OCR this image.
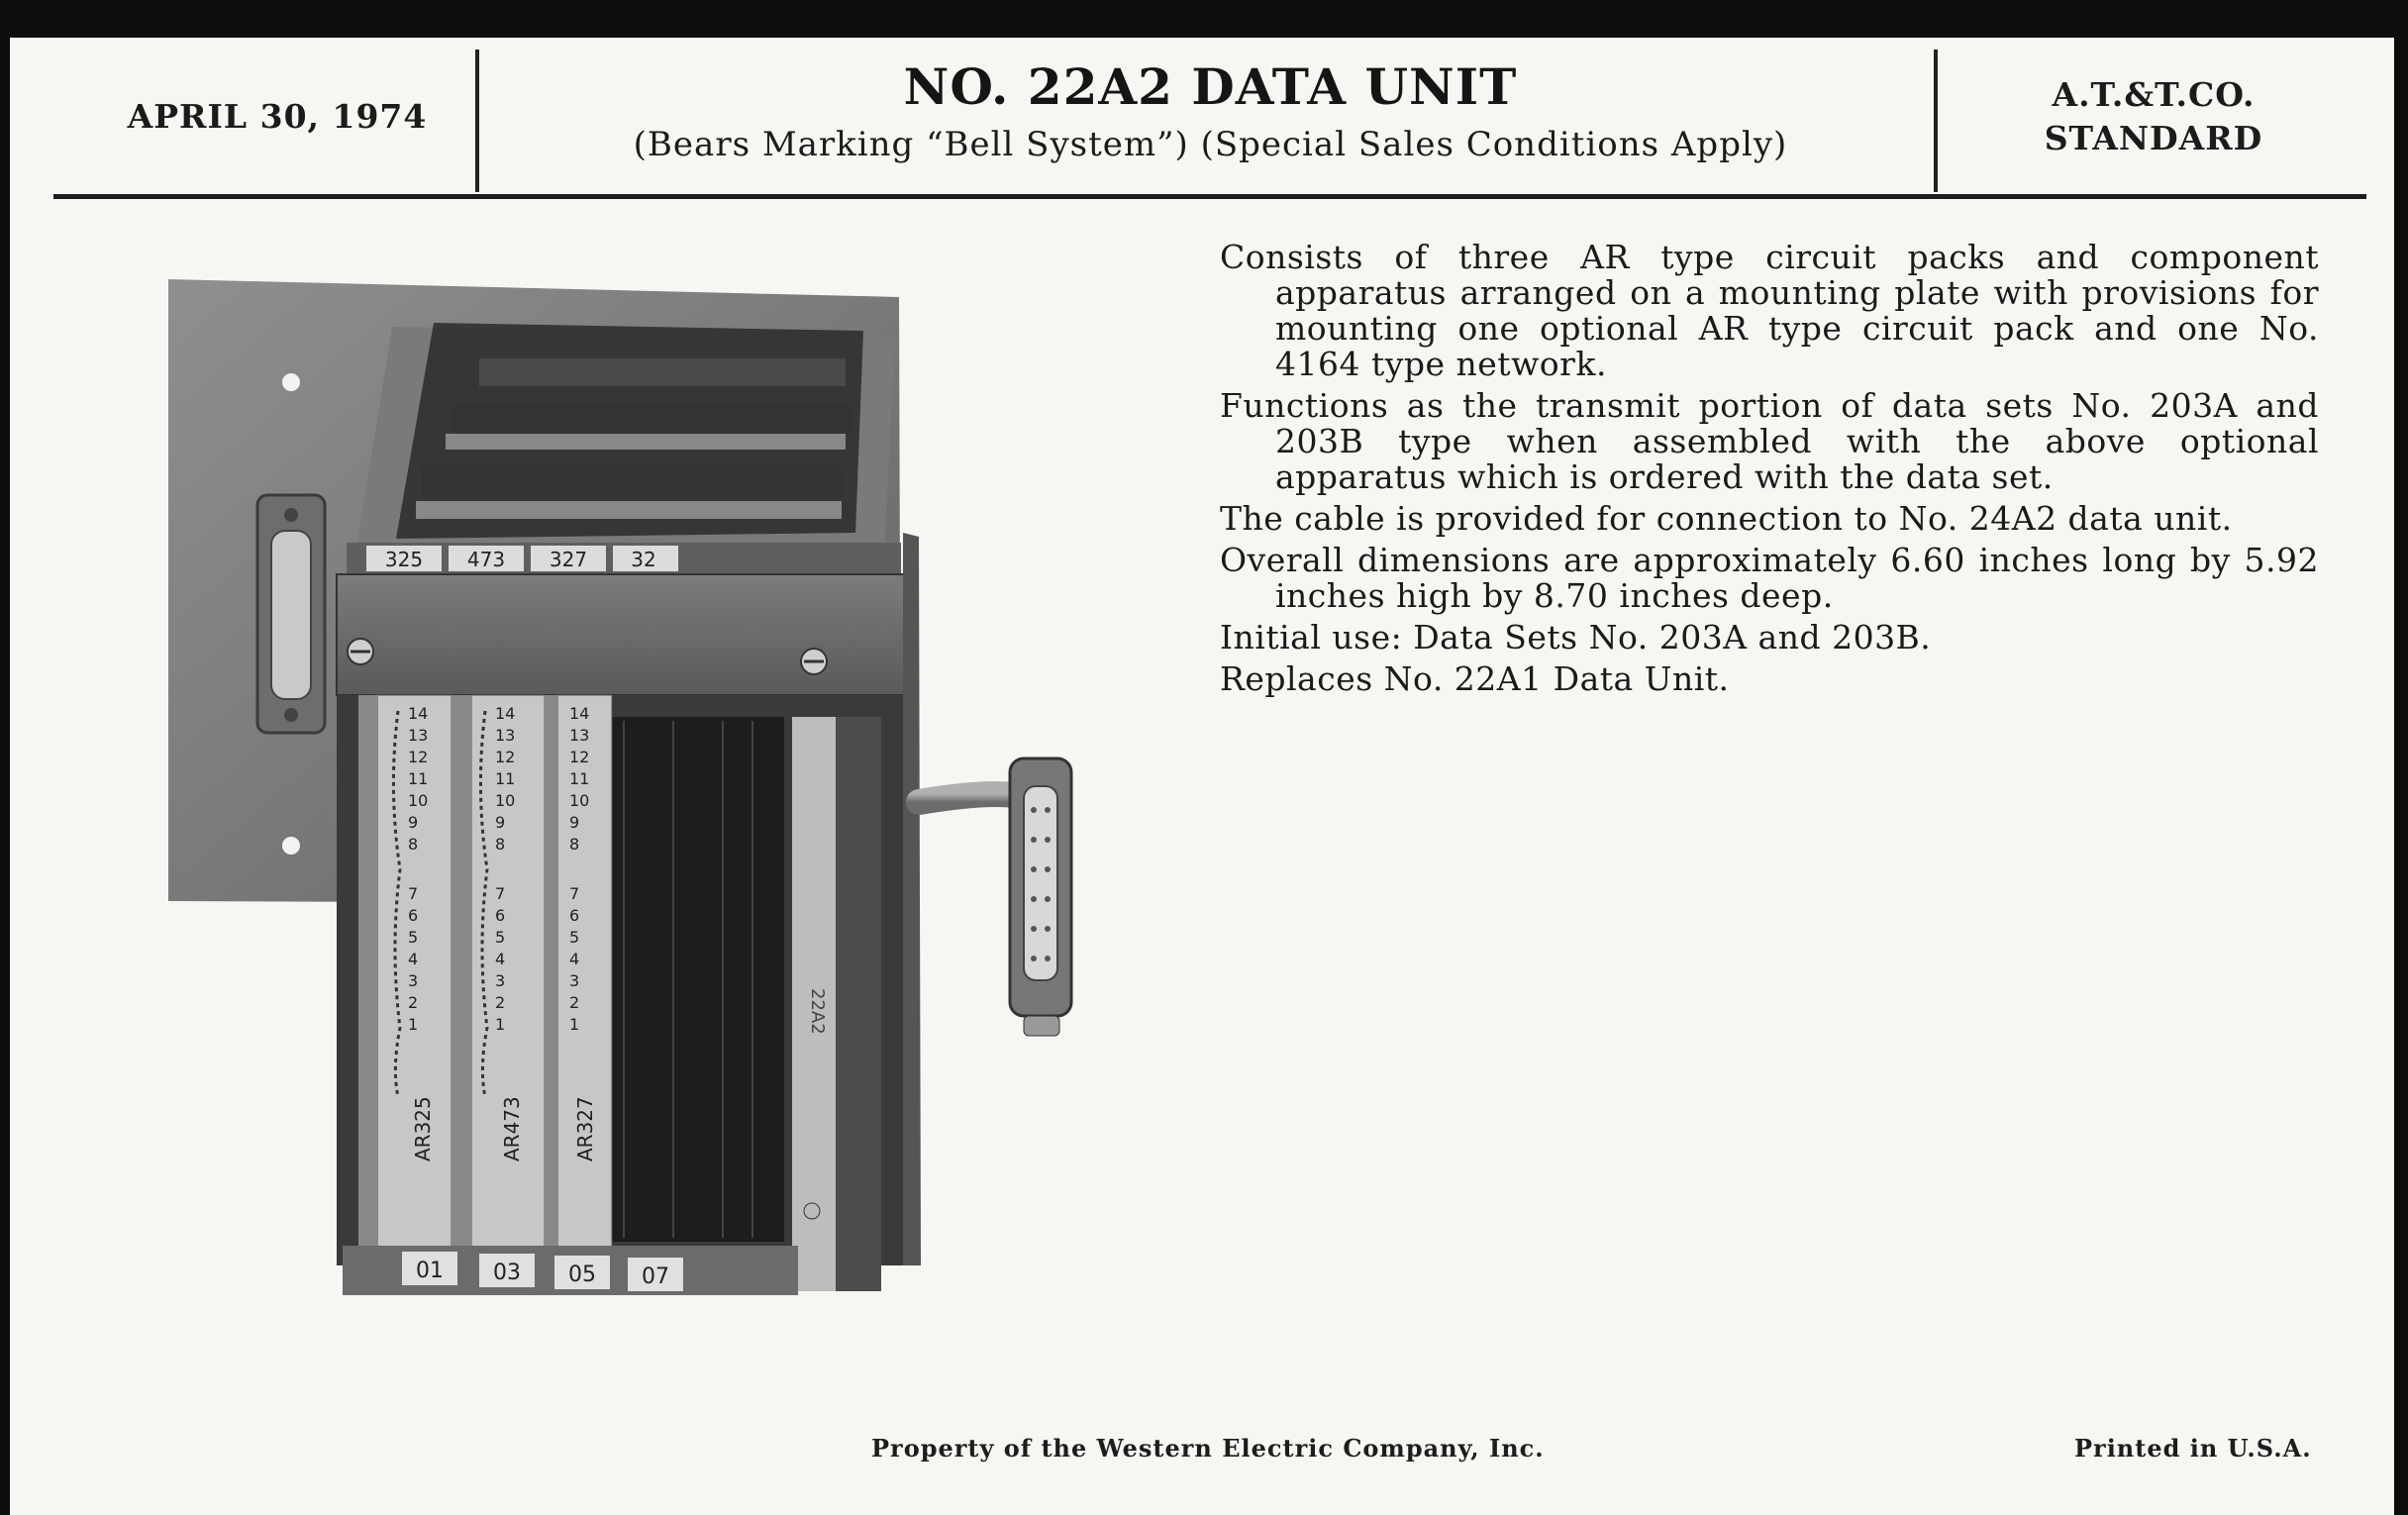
APRIL 30, 1974
NO. 22A2 DATA UNIT
(Bears Marking “Bell System”) (Special Sales Conditions Apply)
A.T.&T.CO.
STANDARD
325 473 327 32
22A2
14
13
12
11
10
9
8
7
6
5
4
3
2
1
AR325
14
13
12
11
10
9
8
7
6
5
4
3
2
1
AR473
14
13
12
11
10
9
8
7
6
5
4
3
2
1
AR327
01 03 05 07

Consists of three AR type circuit packs and component apparatus arranged on a mounting plate with provisions for mounting one optional AR type circuit pack and one No. 4164 type network.

Functions as the transmit portion of data sets No. 203A and 203B type when assembled with the above optional apparatus which is ordered with the data set.

The cable is provided for connection to No. 24A2 data unit.

Overall dimensions are approximately 6.60 inches long by 5.92 inches high by 8.70 inches deep.

Initial use: Data Sets No. 203A and 203B.

Replaces No. 22A1 Data Unit.

Property of the Western Electric Company, Inc.	Printed in U.S.A.
